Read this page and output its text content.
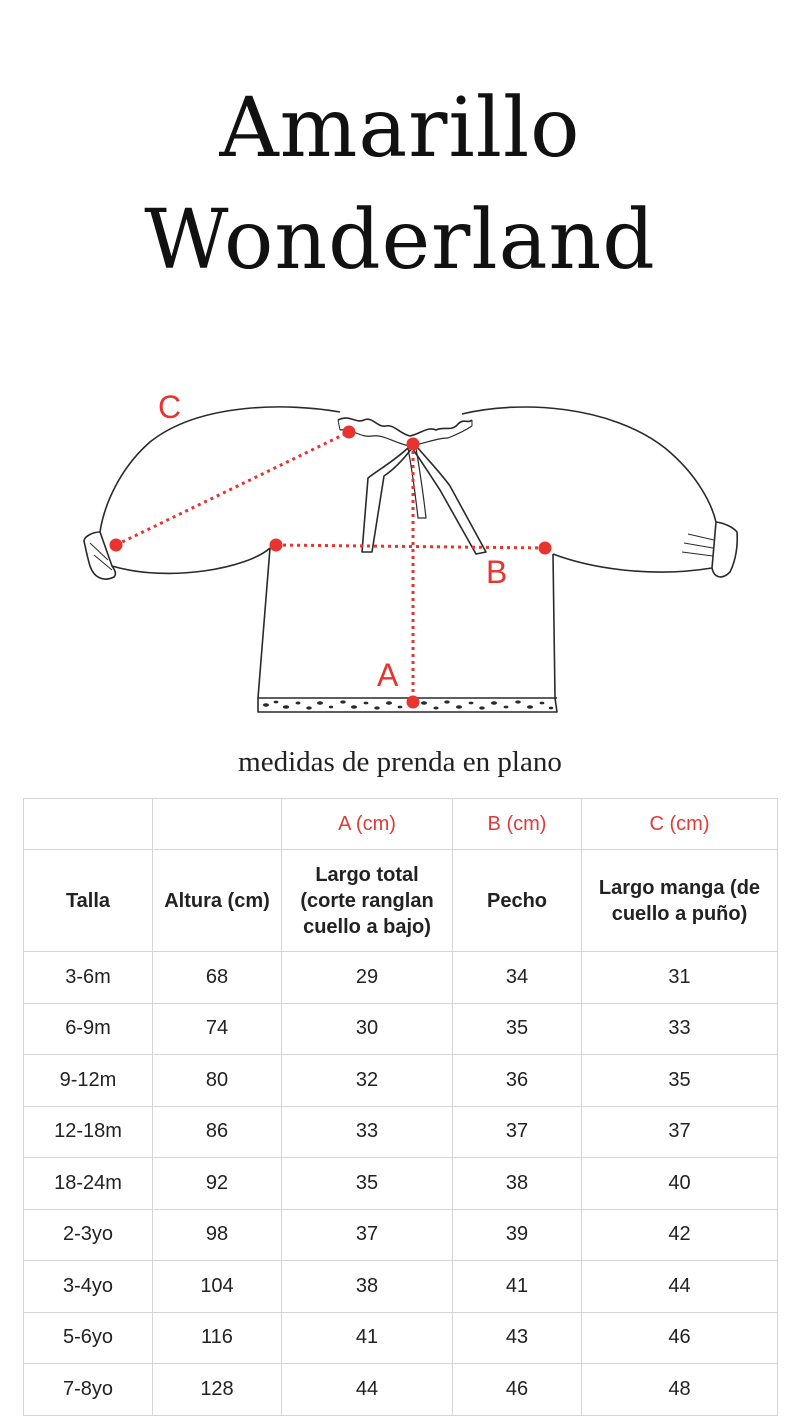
Amarillo
Wonderland
C
B
A
medidas de prenda en plano
		A (cm)	B (cm)	C (cm)
Talla	Altura (cm)	Largo total (corte ranglan cuello a bajo)	Pecho	Largo manga (de cuello a puño)
3-6m	68	29	34	31
6-9m	74	30	35	33
9-12m	80	32	36	35
12-18m	86	33	37	37
18-24m	92	35	38	40
2-3yo	98	37	39	42
3-4yo	104	38	41	44
5-6yo	116	41	43	46
7-8yo	128	44	46	48
